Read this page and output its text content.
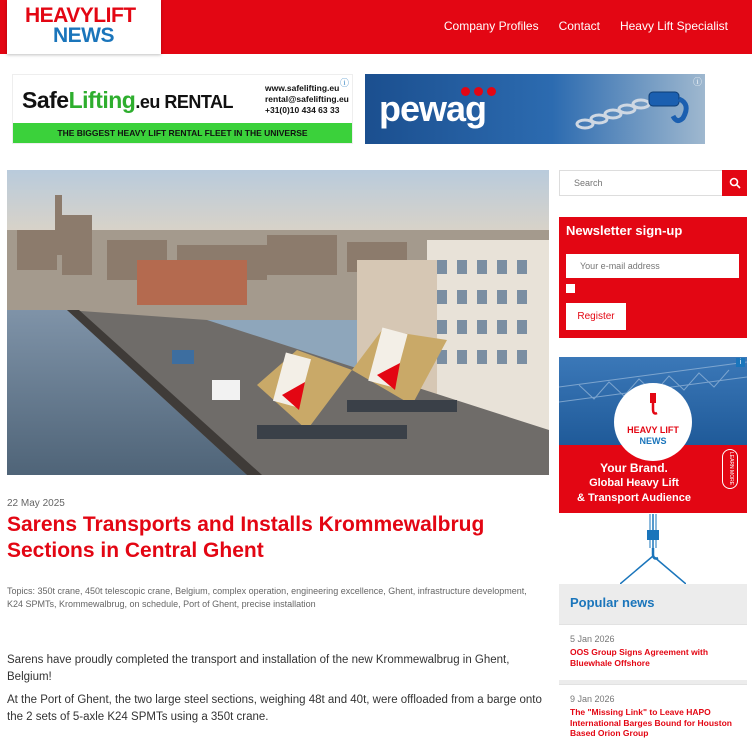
HEAVYLIFT
NEWS	Company Profiles Contact Heavy Lift Specialist
SafeLifting.eu RENTAL
www.safelifting.eu
rental@safelifting.eu
+31(0)10 434 63 33
THE BIGGEST HEAVY LIFT RENTAL FLEET IN THE UNIVERSE
ⓘ
pewag
ⓘ
22 May 2025
Sarens Transports and Installs Krommewalbrug Sections in Central Ghent
Topics: 350t crane, 450t telescopic crane, Belgium, complex operation, engineering excellence, Ghent, infrastructure development, K24 SPMTs, Krommewalbrug, on schedule, Port of Ghent, precise installation

Sarens have proudly completed the transport and installation of the new Krommewalbrug in Ghent, Belgium!

At the Port of Ghent, the two large steel sections, weighing 48t and 40t, were offloaded from a barge onto the 2 sets of 5-axle K24 SPMTs using a 350t crane.

Search
Newsletter sign-up
Your e-mail address
Register
HEAVY LIFT
NEWS
Your Brand.
Global Heavy Lift
& Transport Audience
LEARN MORE
i
Popular news
5 Jan 2026
OOS Group Signs Agreement with Bluewhale Offshore
9 Jan 2026
The "Missing Link" to Leave HAPO International Barges Bound for Houston Based Orion Group
